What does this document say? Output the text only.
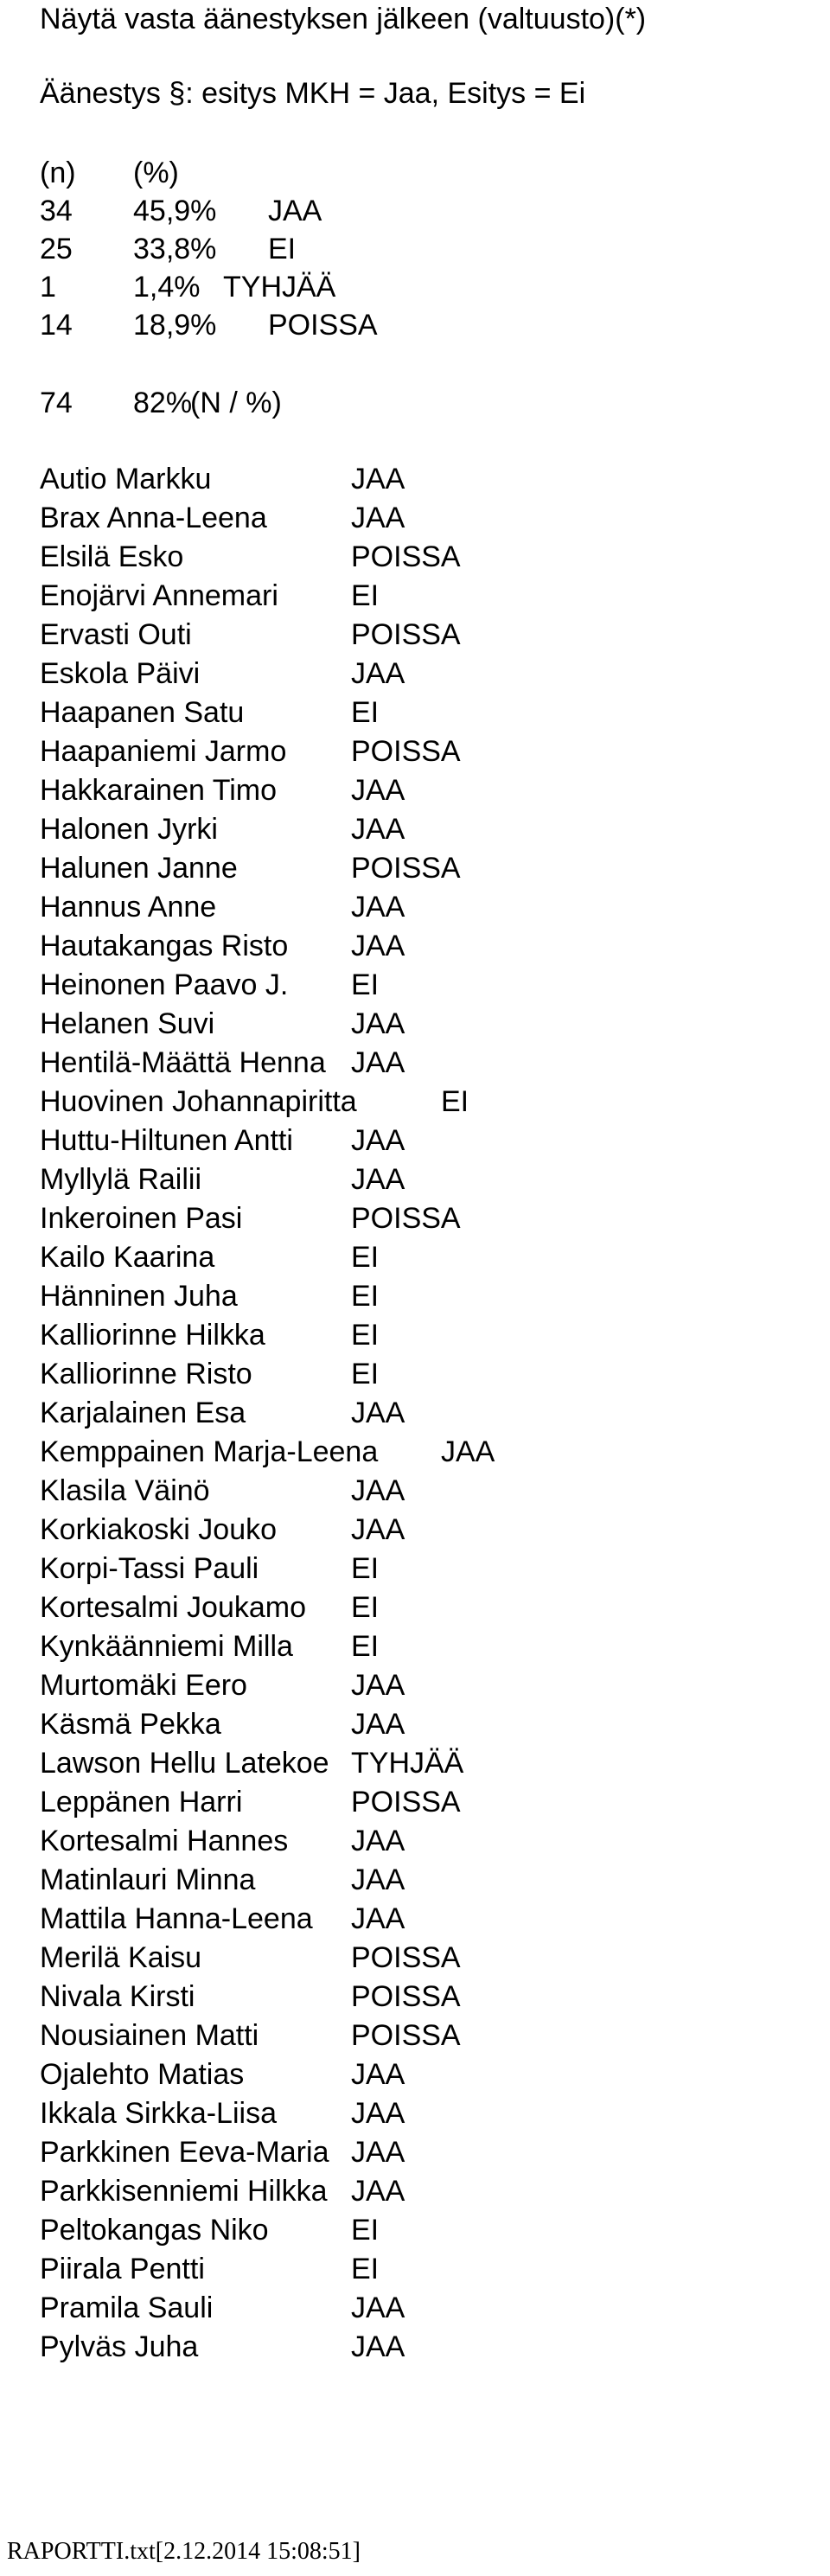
Näytä vasta äänestyksen jälkeen (valtuusto)(*)
Äänestys §: esitys MKH = Jaa, Esitys = Ei
(n) (%)
34 45,9% JAA
25 33,8% EI
1	1,4% TYHJÄÄ
14 18,9% POISSA
74 82%(N / %)
Autio Markku	JAA
Brax Anna-Leena	JAA
Elsilä Esko	POISSA
Enojärvi Annemari EI
Ervasti Outi	POISSA
Eskola Päivi	JAA
Haapanen Satu	EI
Haapaniemi Jarmo POISSA
Hakkarainen Timo	JAA
Halonen Jyrki	JAA
Halunen Janne	POISSA
Hannus Anne	JAA
Hautakangas Risto JAA
Heinonen Paavo J. EI
Helanen Suvi	JAA
Hentilä-Määttä Henna JAA
Huovinen Johannapiritta	EI
Huttu-Hiltunen Antti JAA
Myllylä Railii	JAA
Inkeroinen Pasi	POISSA
Kailo Kaarina	EI
Hänninen Juha	EI
Kalliorinne Hilkka	EI
Kalliorinne Risto	EI
Karjalainen Esa	JAA
Kemppainen Marja-Leena JAA
Klasila Väinö	JAA
Korkiakoski Jouko	JAA
Korpi-Tassi Pauli	EI
Kortesalmi Joukamo EI
Kynkäänniemi Milla EI
Murtomäki Eero	JAA
Käsmä Pekka	JAA
Lawson Hellu Latekoe TYHJÄÄ
Leppänen Harri	POISSA
Kortesalmi Hannes JAA
Matinlauri Minna	JAA
Mattila Hanna-Leena JAA
Merilä Kaisu	POISSA
Nivala Kirsti	POISSA
Nousiainen Matti	POISSA
Ojalehto Matias	JAA
Ikkala Sirkka-Liisa	JAA
Parkkinen Eeva-Maria JAA
Parkkisenniemi Hilkka JAA
Peltokangas Niko	EI
Piirala Pentti	EI
Pramila Sauli	JAA
Pylväs Juha	JAA
RAPORTTI.txt[2.12.2014 15:08:51]
